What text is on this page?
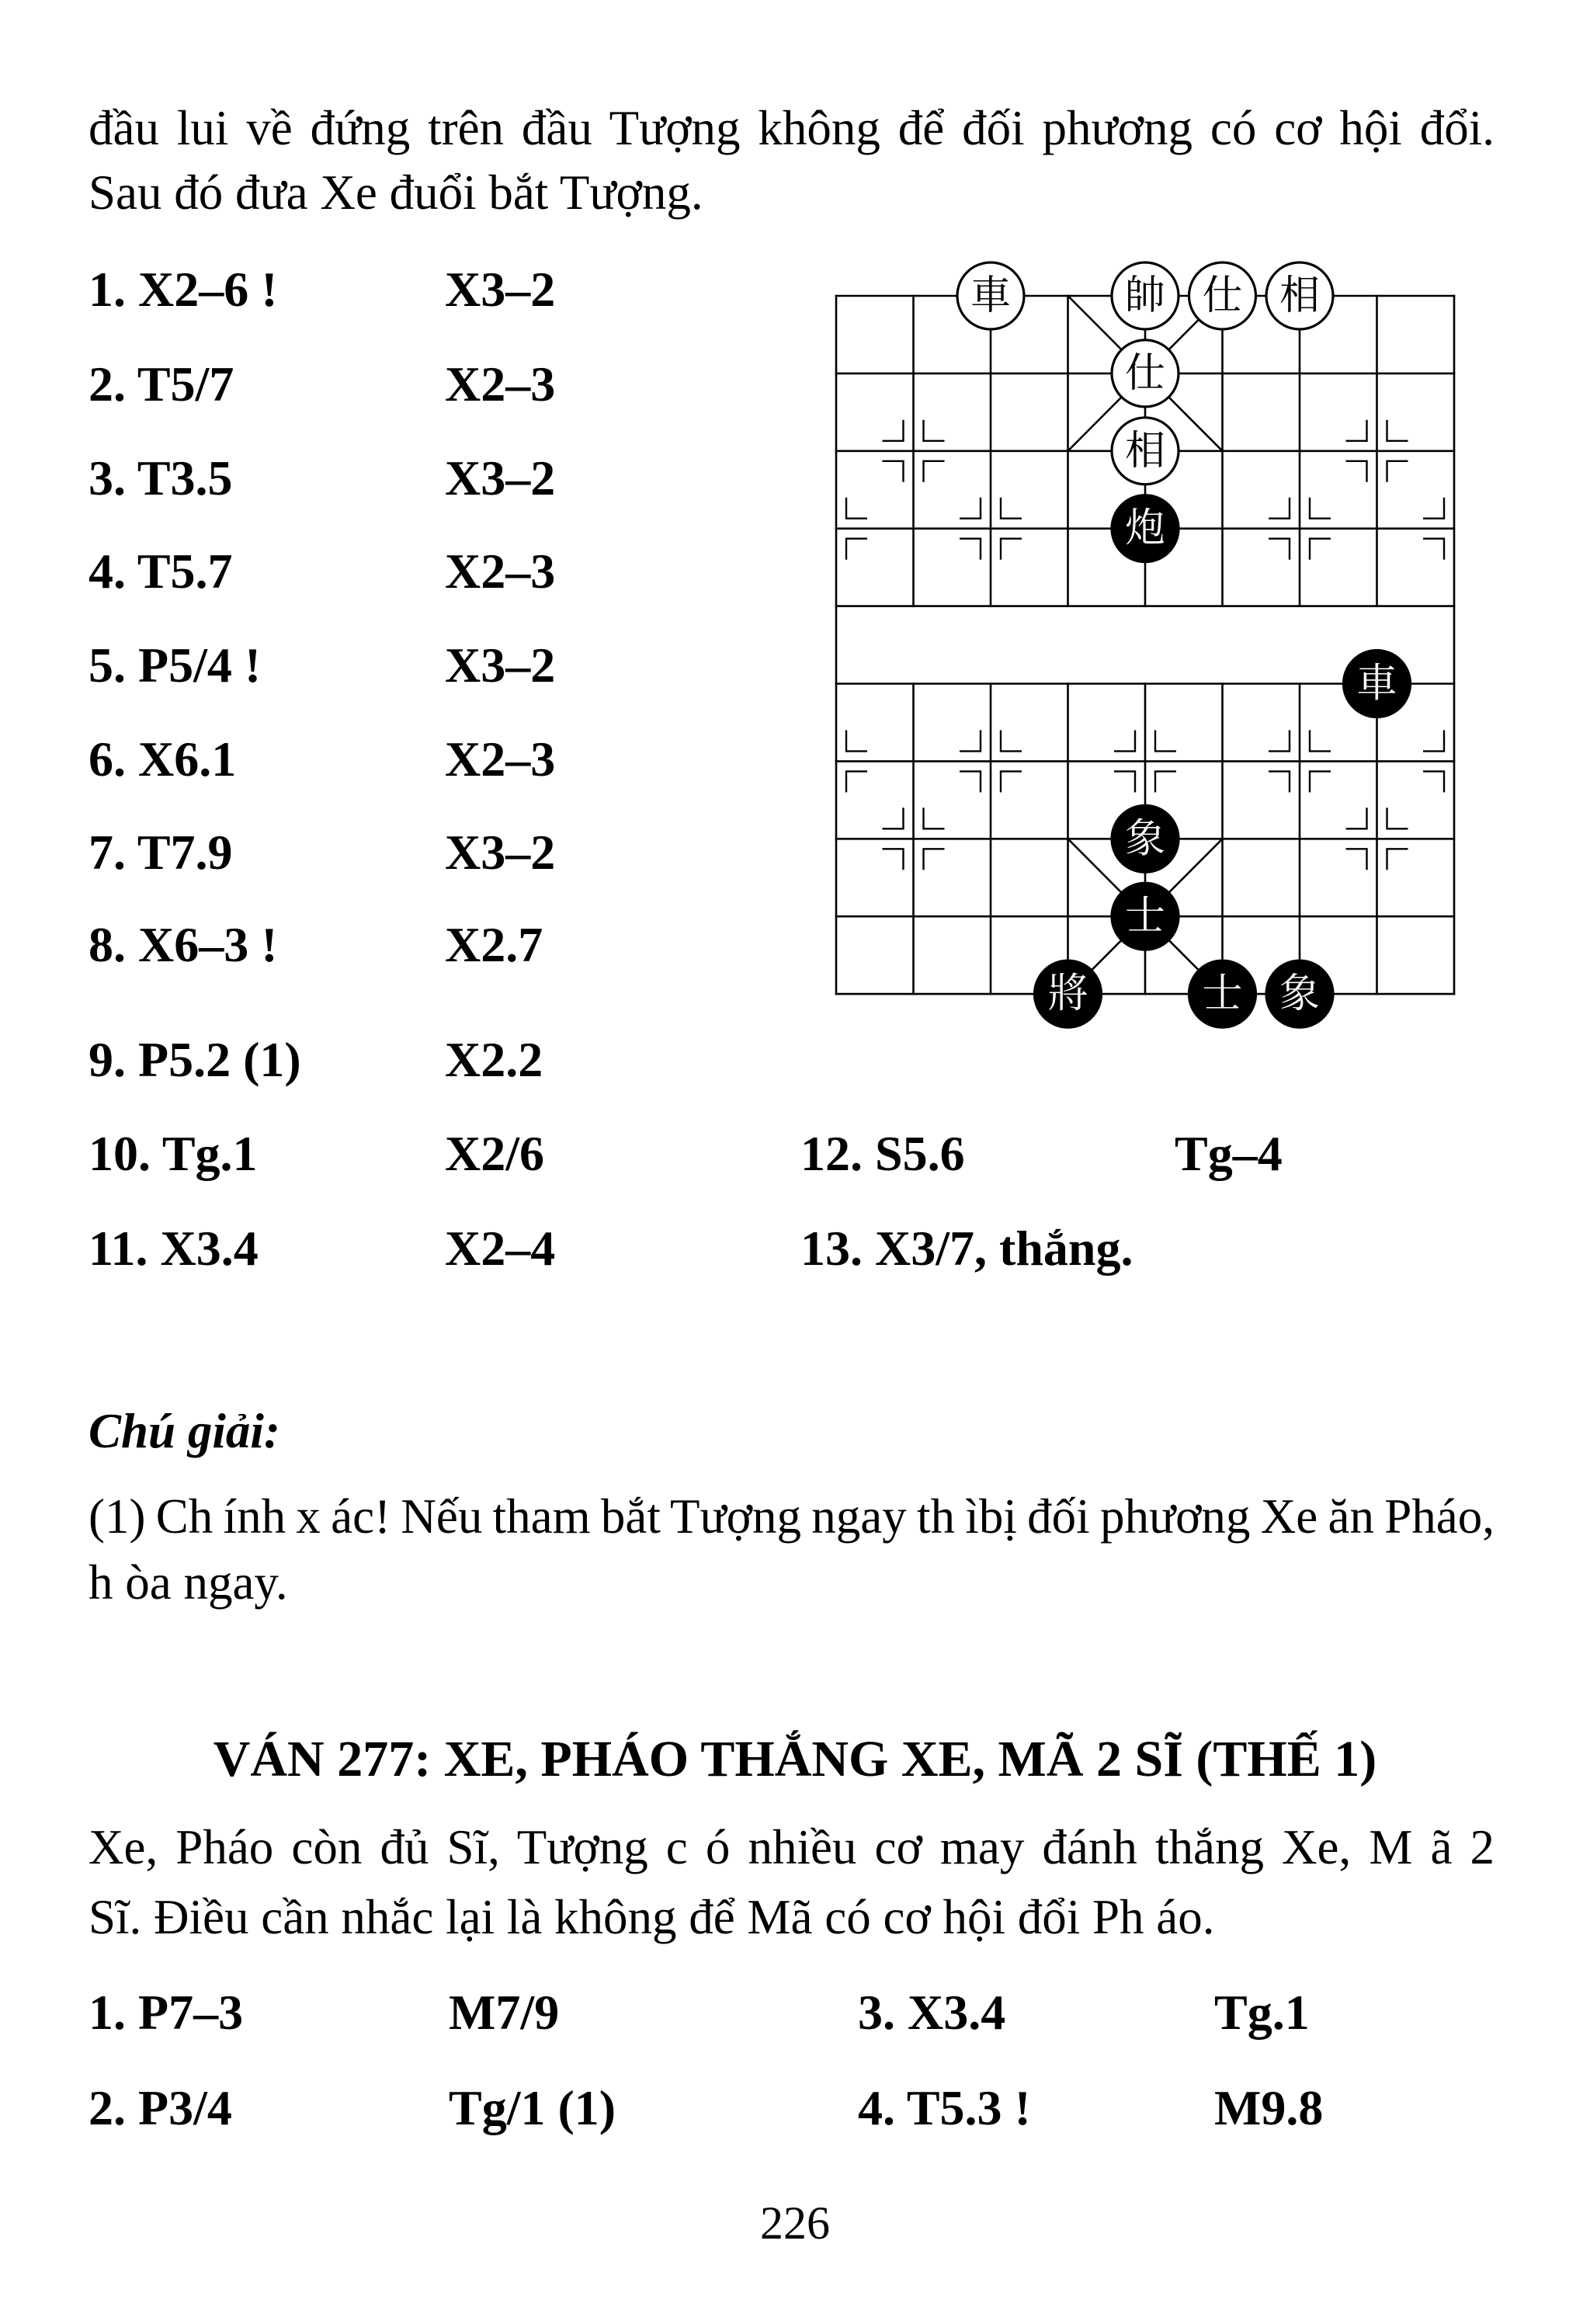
đầu lui về đứng trên đầu Tượng không để đối phương có cơ hội đổi.
Sau đó đưa Xe đuổi bắt Tượng.
1. X2–6 !	X3–2
2. T5/7	X2–3
3. T3.5	X3–2
4. T5.7	X2–3
5. P5/4 !	X3–2
6. X6.1	X2–3
7. T7.9	X3–2
8. X6–3 !	X2.7
9. P5.2 (1)	X2.2
10. Tg.1	X2/6
11. X3.4	X2–4
12. S5.6	Tg–4
13. X3/7, thắng.
車	帥 仕 相
仕
相
炮
車
象
士
將	士 象
Chú giải:
(1) Ch ính x ác! Nếu tham bắt Tượng ngay th ìbị đối phương Xe ăn Pháo,
h òa ngay.
VÁN 277: XE, PHÁO THẮNG XE, MÃ 2 SĨ (THẾ 1)
Xe, Pháo còn đủ Sĩ, Tượng c ó nhiều cơ may đánh thắng Xe, M ã 2
Sĩ. Điều cần nhắc lại là không để Mã có cơ hội đổi Ph áo.
1. P7–3	M7/9
2. P3/4	Tg/1 (1)
3. X3.4	Tg.1
4. T5.3 !	M9.8
226
